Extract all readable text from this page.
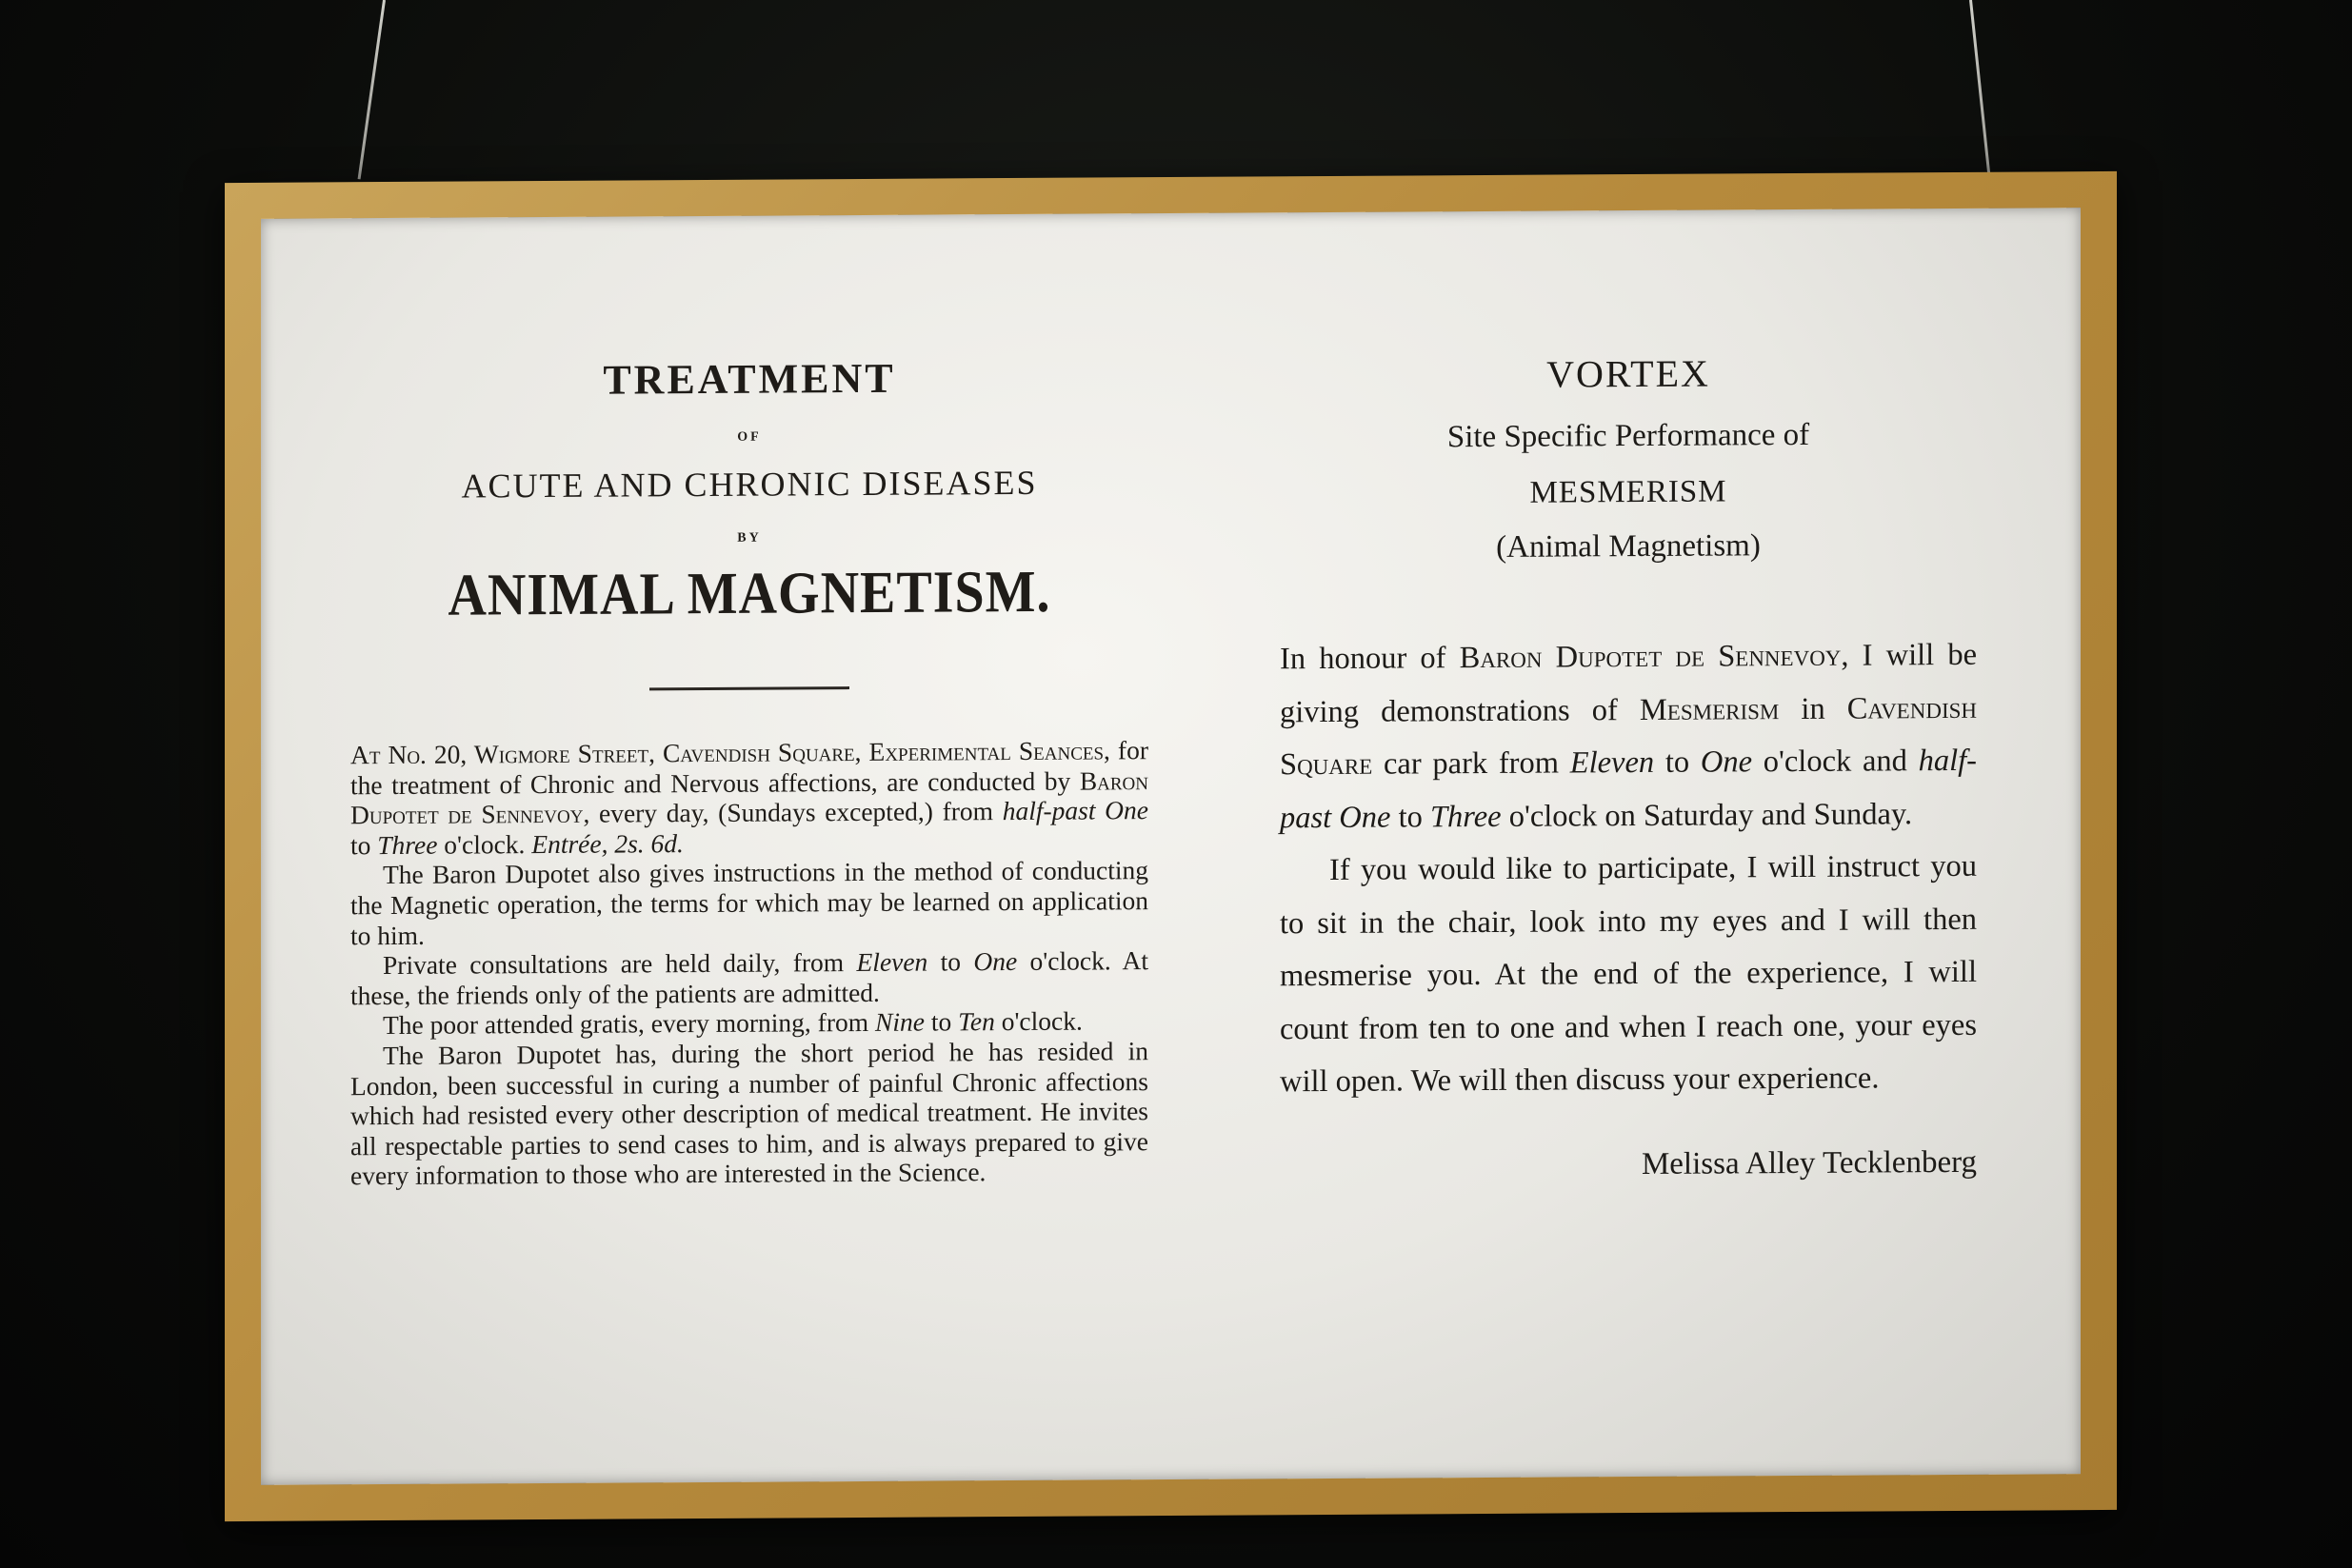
TREATMENT

OF

ACUTE AND CHRONIC DISEASES

BY

ANIMAL MAGNETISM.

At No. 20, Wigmore Street, Cavendish Square, Experimental Seances, for the treatment of Chronic and Nervous affections, are conducted by Baron Dupotet de Sennevoy, every day, (Sundays excepted,) from half-past One to Three o'clock. Entrée, 2s. 6d.

The Baron Dupotet also gives instructions in the method of conducting the Magnetic operation, the terms for which may be learned on application to him.

Private consultations are held daily, from Eleven to One o'clock. At these, the friends only of the patients are admitted.

The poor attended gratis, every morning, from Nine to Ten o'clock.

The Baron Dupotet has, during the short period he has resided in London, been successful in curing a number of painful Chronic affections which had resisted every other description of medical treatment. He invites all respectable parties to send cases to him, and is always prepared to give every information to those who are interested in the Science.

VORTEX

Site Specific Performance of

MESMERISM

(Animal Magnetism)

In honour of Baron Dupotet de Sennevoy, I will be giving demonstrations of Mesmerism in Cavendish Square car park from Eleven to One o'clock and half-past One to Three o'clock on Saturday and Sunday.

If you would like to participate, I will instruct you to sit in the chair, look into my eyes and I will then mesmerise you. At the end of the experience, I will count from ten to one and when I reach one, your eyes will open. We will then discuss your experience.

Melissa Alley Tecklenberg
